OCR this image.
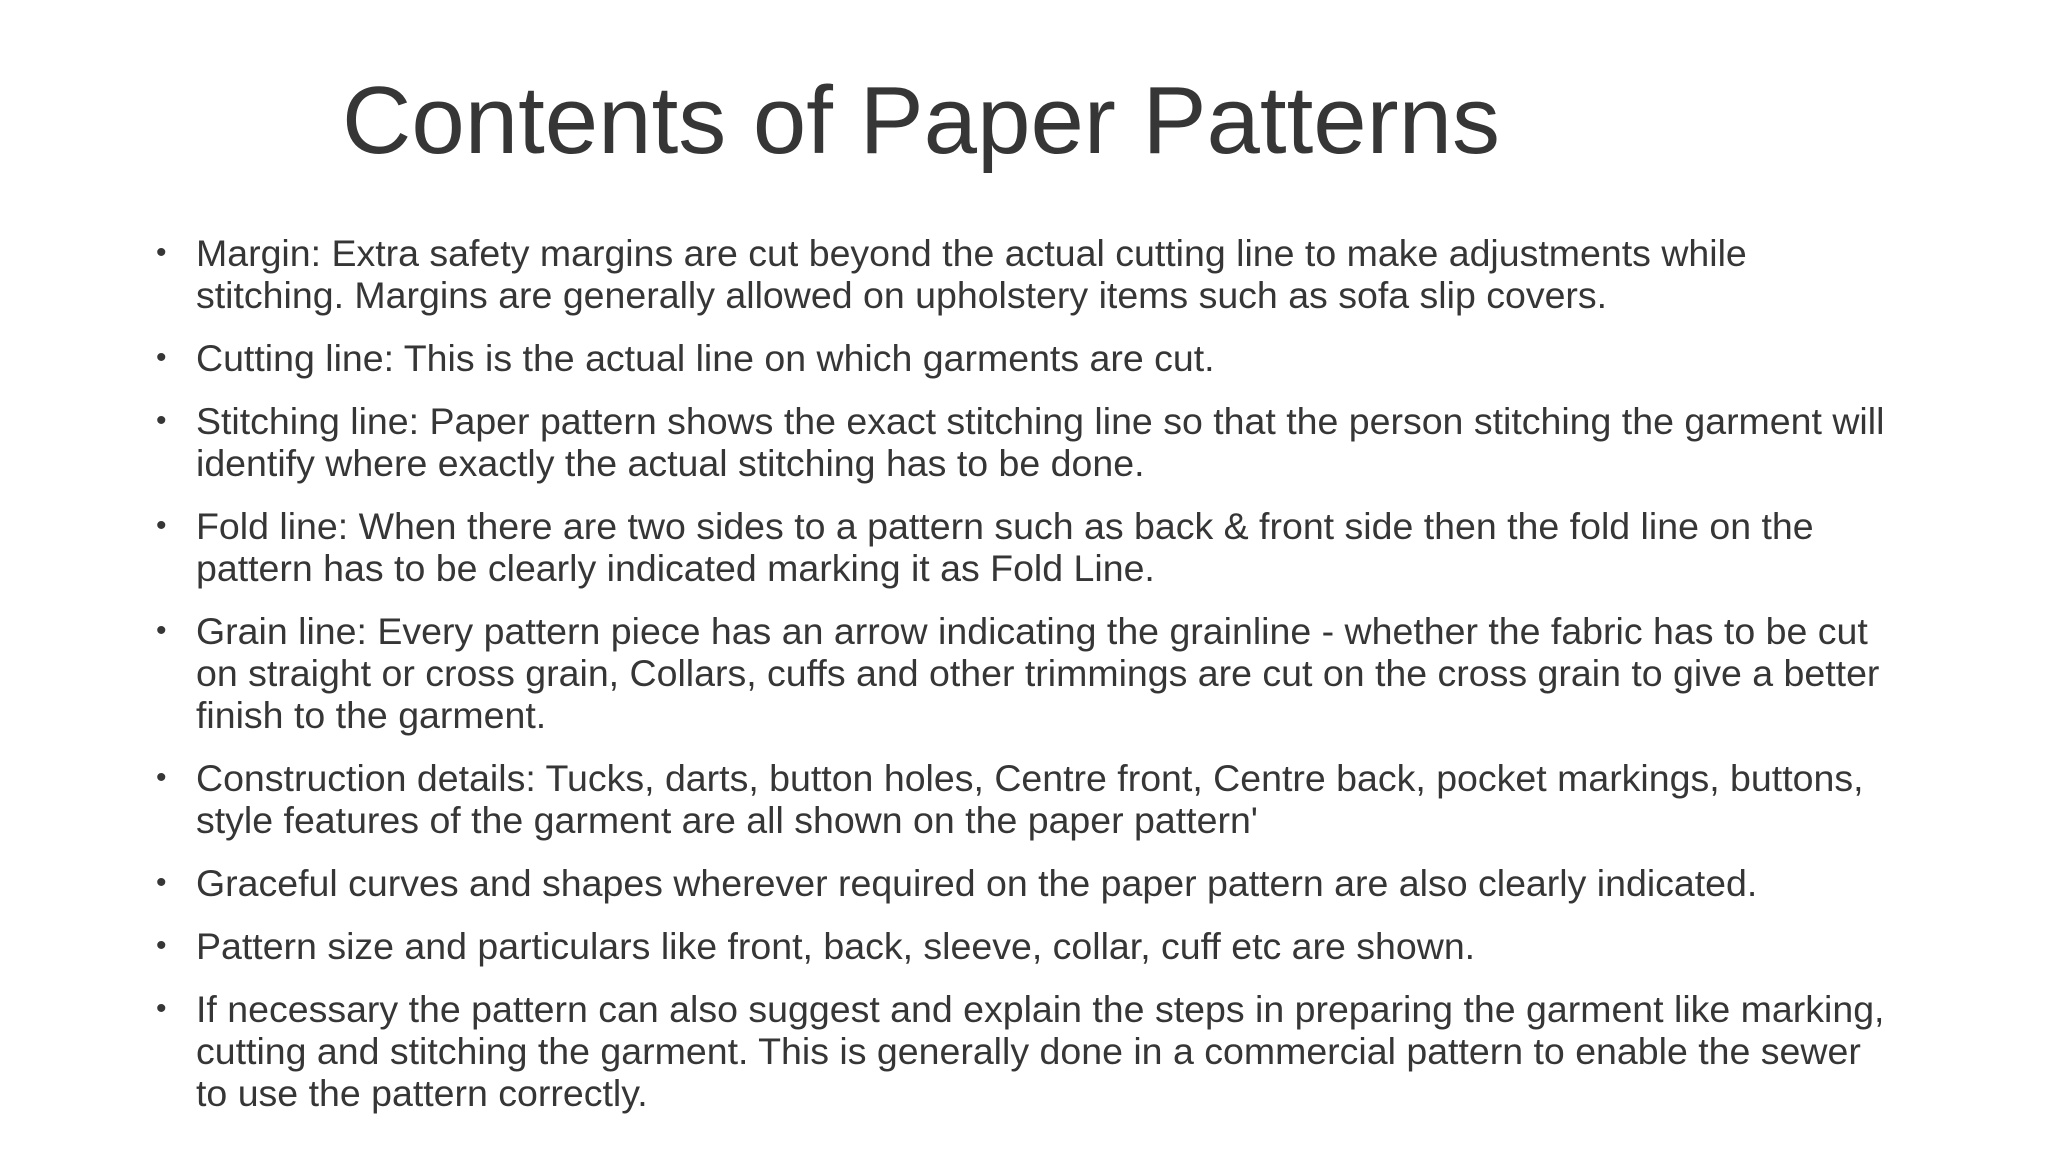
Contents of Paper Patterns
• Margin: Extra safety margins are cut beyond the actual cutting line to make adjustments while stitching. Margins are generally allowed on upholstery items such as sofa slip covers.
• Cutting line: This is the actual line on which garments are cut.
• Stitching line: Paper pattern shows the exact stitching line so that the person stitching the garment will identify where exactly the actual stitching has to be done.
• Fold line: When there are two sides to a pattern such as back & front side then the fold line on the pattern has to be clearly indicated marking it as Fold Line.
• Grain line: Every pattern piece has an arrow indicating the grainline - whether the fabric has to be cut on straight or cross grain, Collars, cuffs and other trimmings are cut on the cross grain to give a better finish to the garment.
• Construction details: Tucks, darts, button holes, Centre front, Centre back, pocket markings, buttons, style features of the garment are all shown on the paper pattern'
• Graceful curves and shapes wherever required on the paper pattern are also clearly indicated.
• Pattern size and particulars like front, back, sleeve, collar, cuff etc are shown.
• If necessary the pattern can also suggest and explain the steps in preparing the garment like marking, cutting and stitching the garment. This is generally done in a commercial pattern to enable the sewer to use the pattern correctly.
